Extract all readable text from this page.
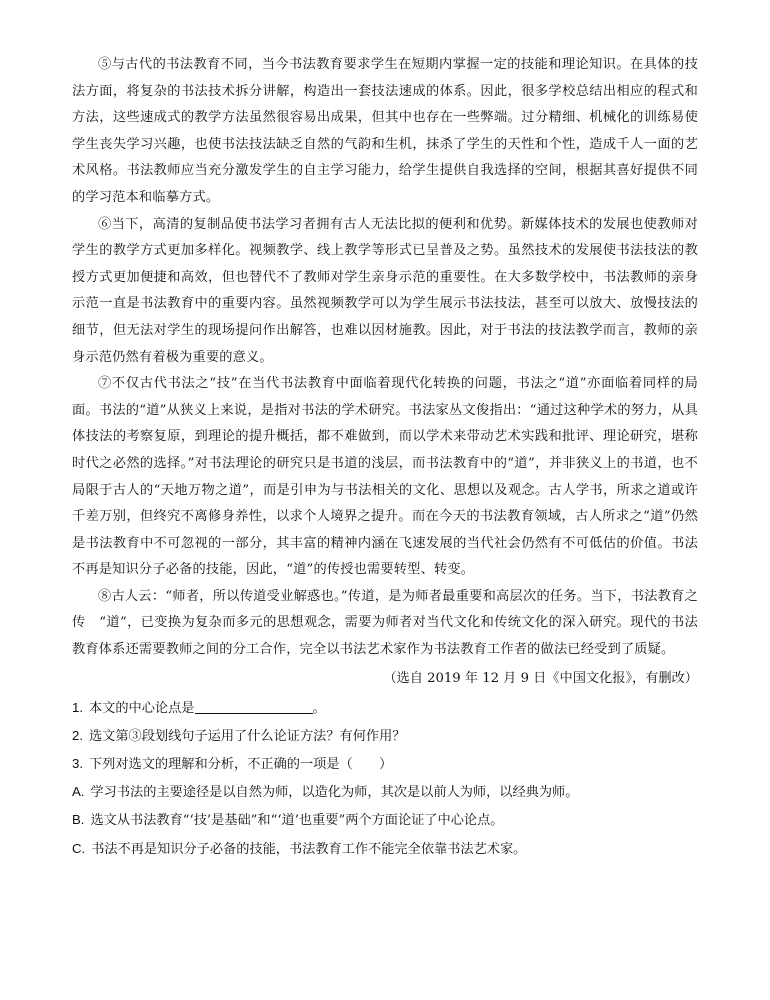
⑤与古代的书法教育不同，当今书法教育要求学生在短期内掌握一定的技能和理论知识。在具体的技法方面，将复杂的书法技术拆分讲解，构造出一套技法速成的体系。因此，很多学校总结出相应的程式和方法，这些速成式的教学方法虽然很容易出成果，但其中也存在一些弊端。过分精细、机械化的训练易使学生丧失学习兴趣，也使书法技法缺乏自然的气韵和生机，抹杀了学生的天性和个性，造成千人一面的艺术风格。书法教师应当充分激发学生的自主学习能力，给学生提供自我选择的空间，根据其喜好提供不同的学习范本和临摹方式。

⑥当下，高清的复制品使书法学习者拥有古人无法比拟的便利和优势。新媒体技术的发展也使教师对学生的教学方式更加多样化。视频教学、线上教学等形式已呈普及之势。虽然技术的发展使书法技法的教授方式更加便捷和高效，但也替代不了教师对学生亲身示范的重要性。在大多数学校中，书法教师的亲身示范一直是书法教育中的重要内容。虽然视频教学可以为学生展示书法技法，甚至可以放大、放慢技法的细节，但无法对学生的现场提问作出解答，也难以因材施教。因此，对于书法的技法教学而言，教师的亲身示范仍然有着极为重要的意义。

⑦不仅古代书法之“技”在当代书法教育中面临着现代化转换的问题，书法之“道”亦面临着同样的局面。书法的“道”从狭义上来说，是指对书法的学术研究。书法家丛文俊指出：“通过这种学术的努力，从具体技法的考察复原，到理论的提升概括，都不难做到，而以学术来带动艺术实践和批评、理论研究，堪称时代之必然的选择。”对书法理论的研究只是书道的浅层，而书法教育中的“道”，并非狭义上的书道，也不局限于古人的“天地万物之道”，而是引申为与书法相关的文化、思想以及观念。古人学书，所求之道或许千差万别，但终究不离修身养性，以求个人境界之提升。而在今天的书法教育领域，古人所求之“道”仍然是书法教育中不可忽视的一部分，其丰富的精神内涵在飞速发展的当代社会仍然有不可低估的价值。书法不再是知识分子必备的技能，因此，“道”的传授也需要转型、转变。

⑧古人云：“师者，所以传道受业解惑也。”传道，是为师者最重要和高层次的任务。当下，书法教育之传　“道”，已变换为复杂而多元的思想观念，需要为师者对当代文化和传统文化的深入研究。现代的书法教育体系还需要教师之间的分工合作，完全以书法艺术家作为书法教育工作者的做法已经受到了质疑。

（选自 2019 年 12 月 9 日《中国文化报》，有删改）

1. 本文的中心论点是	。

2. 选文第③段划线句子运用了什么论证方法？有何作用？

3. 下列对选文的理解和分析，不正确的一项是（　　）

A. 学习书法的主要途径是以自然为师，以造化为师，其次是以前人为师，以经典为师。

B. 选文从书法教育“‘技’是基础”和“‘道’也重要”两个方面论证了中心论点。

C. 书法不再是知识分子必备的技能，书法教育工作不能完全依靠书法艺术家。
